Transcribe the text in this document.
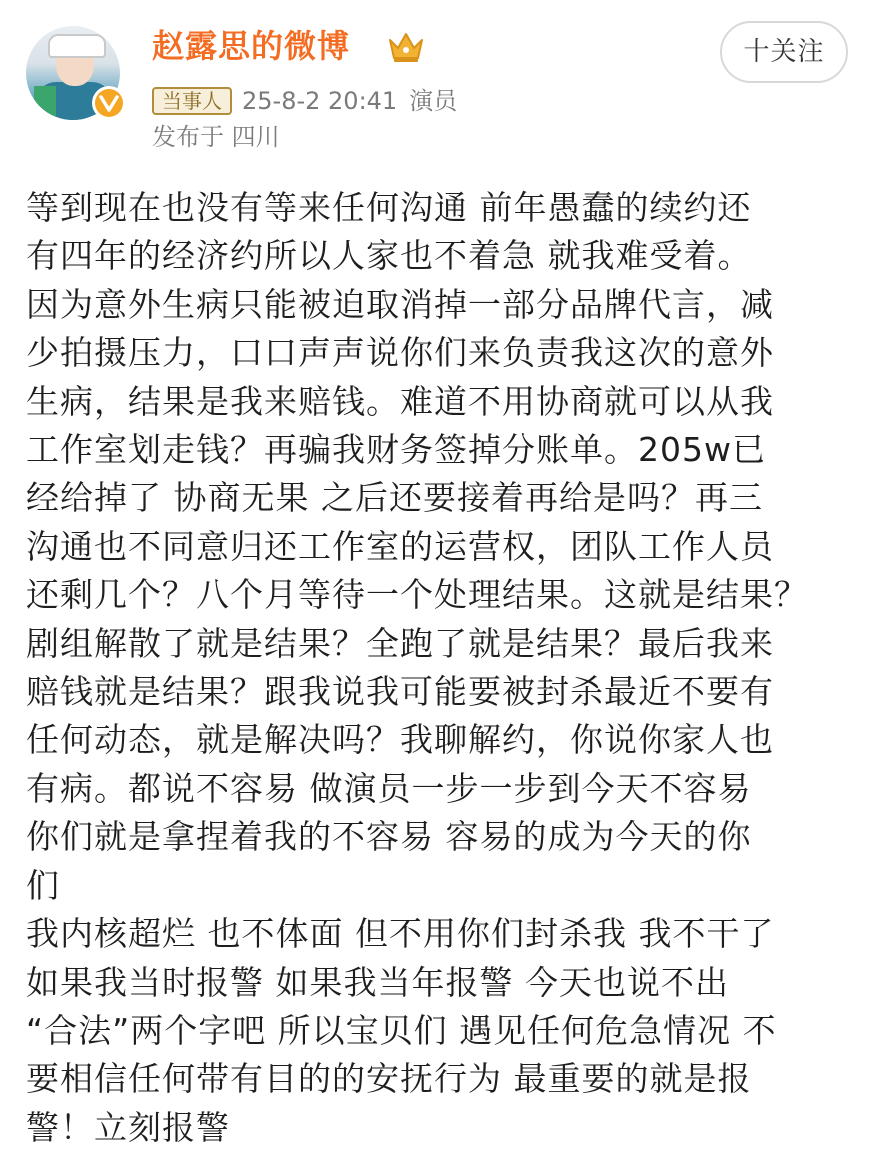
赵露思的微博	十关注
当事人 25-8-2 20:41 演员
发布于 四川
等到现在也没有等来任何沟通 前年愚蠢的续约还
有四年的经济约所以人家也不着急 就我难受着。
因为意外生病只能被迫取消掉一部分品牌代言，减
少拍摄压力，口口声声说你们来负责我这次的意外
生病，结果是我来赔钱。难道不用协商就可以从我
工作室划走钱？再骗我财务签掉分账单。205w已
经给掉了 协商无果 之后还要接着再给是吗？再三
沟通也不同意归还工作室的运营权，团队工作人员
还剩几个？八个月等待一个处理结果。这就是结果？
剧组解散了就是结果？全跑了就是结果？最后我来
赔钱就是结果？跟我说我可能要被封杀最近不要有
任何动态，就是解决吗？我聊解约，你说你家人也
有病。都说不容易 做演员一步一步到今天不容易
你们就是拿捏着我的不容易 容易的成为今天的你
们
我内核超烂 也不体面 但不用你们封杀我 我不干了
如果我当时报警 如果我当年报警 今天也说不出
“合法”两个字吧 所以宝贝们 遇见任何危急情况 不
要相信任何带有目的的安抚行为 最重要的就是报
警！立刻报警
